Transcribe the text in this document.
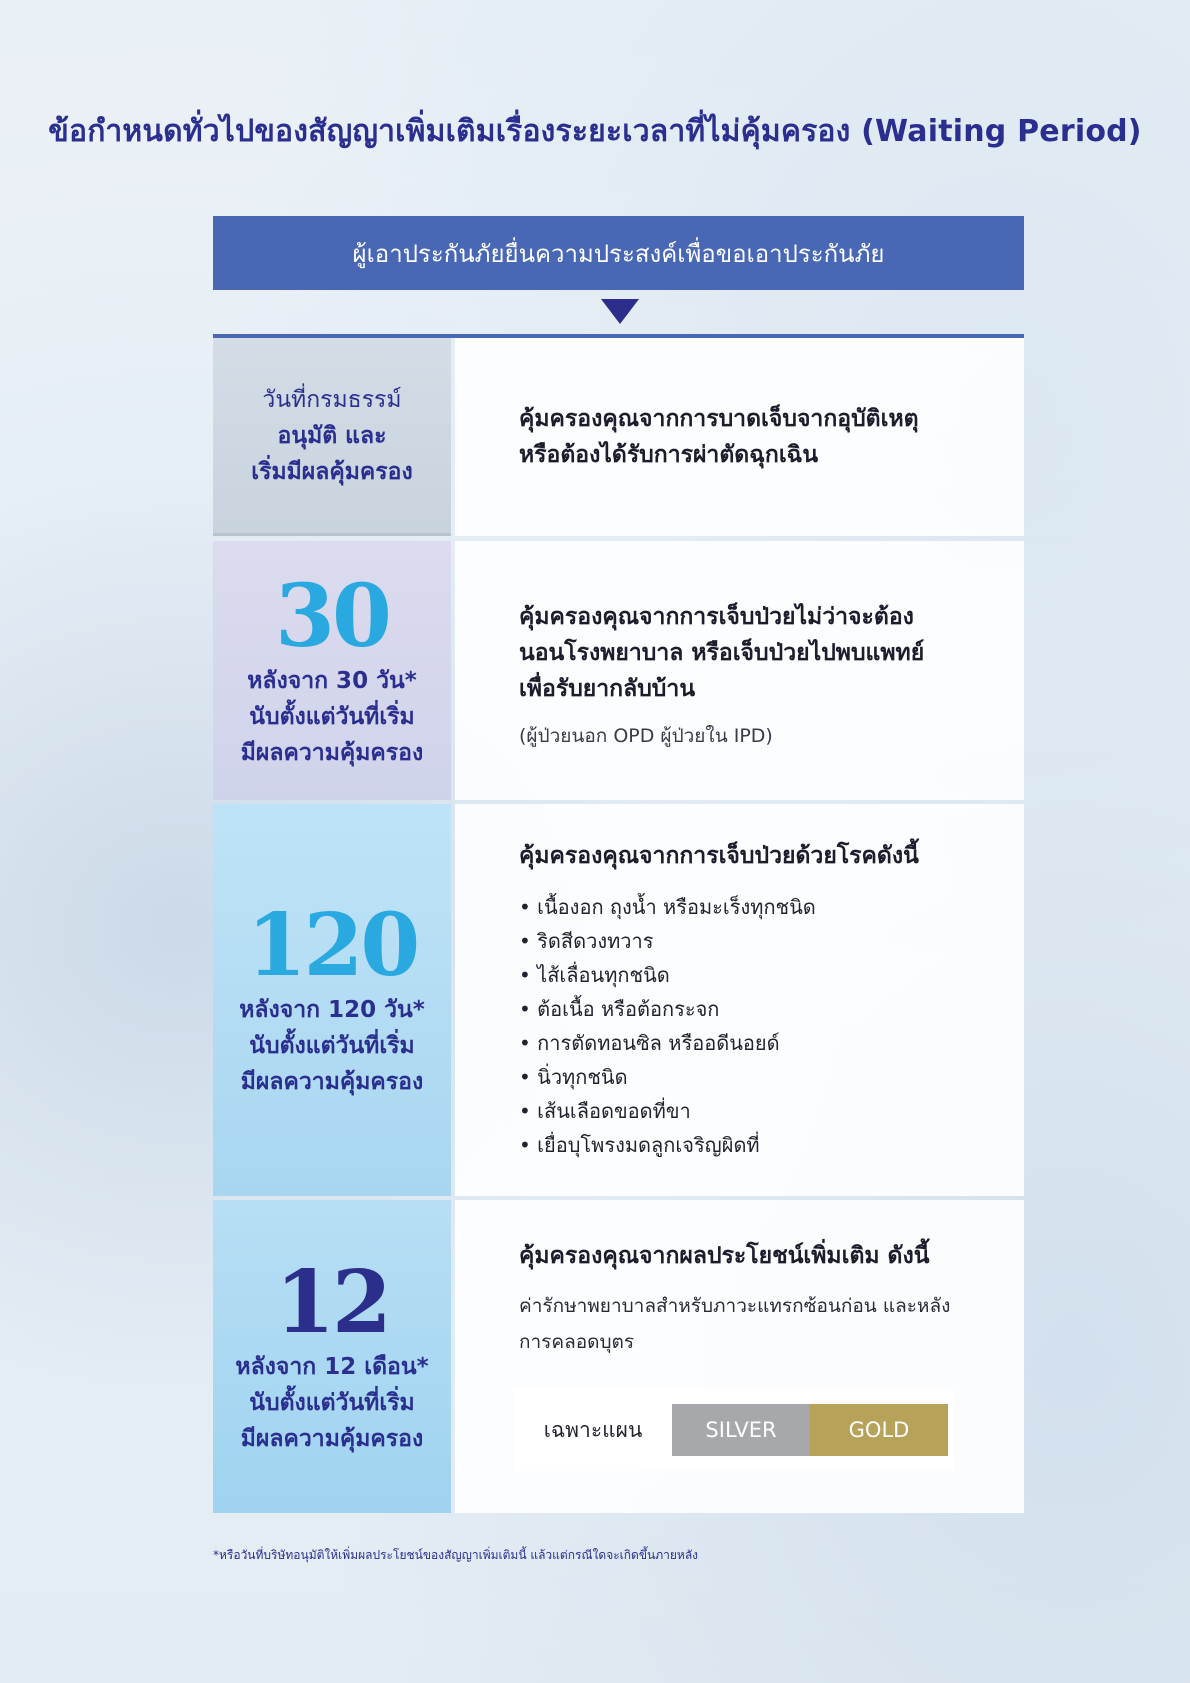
ข้อกำหนดทั่วไปของสัญญาเพิ่มเติมเรื่องระยะเวลาที่ไม่คุ้มครอง (Waiting Period)
ผู้เอาประกันภัยยื่นความประสงค์เพื่อขอเอาประกันภัย
วันที่กรมธรรม์
อนุมัติ และ
เริ่มมีผลคุ้มครอง
คุ้มครองคุณจากการบาดเจ็บจากอุบัติเหตุ
หรือต้องได้รับการผ่าตัดฉุกเฉิน
30
หลังจาก 30 วัน*
นับตั้งแต่วันที่เริ่ม
มีผลความคุ้มครอง
คุ้มครองคุณจากการเจ็บป่วยไม่ว่าจะต้อง
นอนโรงพยาบาล หรือเจ็บป่วยไปพบแพทย์
เพื่อรับยากลับบ้าน
(ผู้ป่วยนอก OPD ผู้ป่วยใน IPD)
120
หลังจาก 120 วัน*
นับตั้งแต่วันที่เริ่ม
มีผลความคุ้มครอง
คุ้มครองคุณจากการเจ็บป่วยด้วยโรคดังนี้
• เนื้องอก ถุงน้ำ หรือมะเร็งทุกชนิด
• ริดสีดวงทวาร
• ไส้เลื่อนทุกชนิด
• ต้อเนื้อ หรือต้อกระจก
• การตัดทอนซิล หรืออดีนอยด์
• นิ่วทุกชนิด
• เส้นเลือดขอดที่ขา
• เยื่อบุโพรงมดลูกเจริญผิดที่
12
หลังจาก 12 เดือน*
นับตั้งแต่วันที่เริ่ม
มีผลความคุ้มครอง
คุ้มครองคุณจากผลประโยชน์เพิ่มเติม ดังนี้
ค่ารักษาพยาบาลสำหรับภาวะแทรกซ้อนก่อน และหลัง
การคลอดบุตร
เฉพาะแผน	SILVER	GOLD
*หรือวันที่บริษัทอนุมัติให้เพิ่มผลประโยชน์ของสัญญาเพิ่มเติมนี้ แล้วแต่กรณีใดจะเกิดขึ้นภายหลัง
